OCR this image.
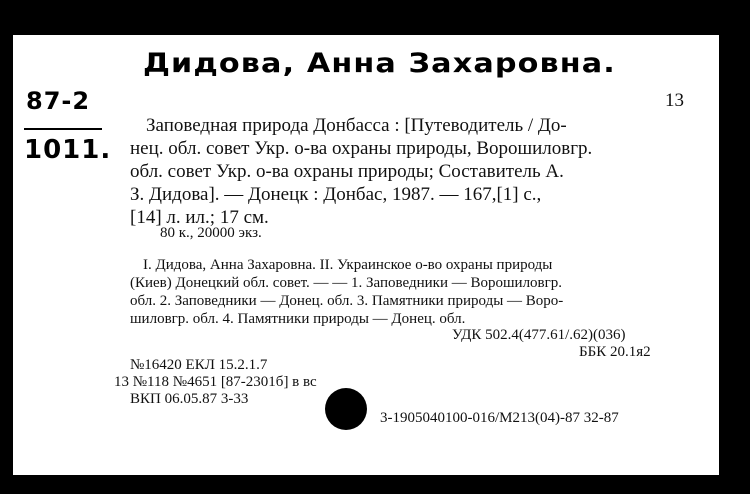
Дидова, Анна Захаровна.
87-2
1011.
13
Заповедная природа Донбасса : [Путеводитель / До-
нец. обл. совет Укр. о-ва охраны природы, Ворошиловгр.
обл. совет Укр. о-ва охраны природы; Составитель А.
З. Дидова]. — Донецк : Донбас, 1987. — 167,[1] с.,
[14] л. ил.; 17 см.
80 к., 20000 экз.
I. Дидова, Анна Захаровна. II. Украинское о-во охраны природы
(Киев) Донецкий обл. совет. — — 1. Заповедники — Ворошиловгр.
обл. 2. Заповедники — Донец. обл. 3. Памятники природы — Воро-
шиловгр. обл. 4. Памятники природы — Донец. обл.
УДК 502.4(477.61/.62)(036)
ББК 20.1я2
№16420 ЕКЛ 15.2.1.7
13 №118 №4651 [87-2301б] в вс
ВКП 06.05.87 3-33
3-1905040100-016/М213(04)-87 32-87
